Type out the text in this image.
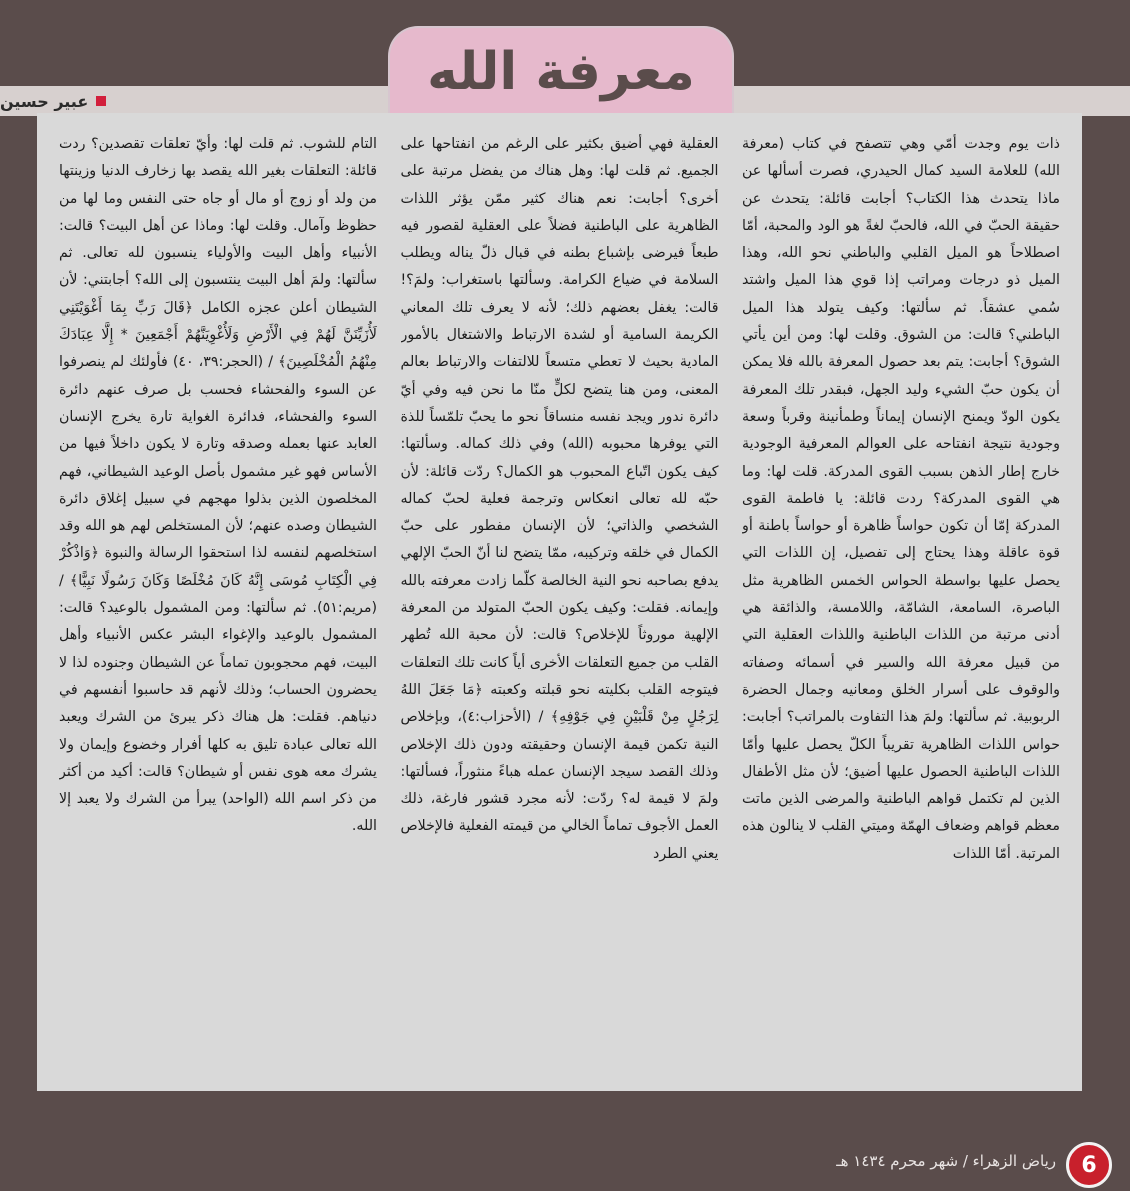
عبير حسين	معرفة الله
ذات يوم وجدت أمّي وهي تتصفح في كتاب (معرفة الله) للعلامة السيد كمال الحيدري، فصرت أسألها عن ماذا يتحدث هذا الكتاب؟ أجابت قائلة: يتحدث عن حقيقة الحبّ في الله، فالحبّ لغةً هو الود والمحبة، أمّا اصطلاحاً هو الميل القلبي والباطني نحو الله، وهذا الميل ذو درجات ومراتب إذا قوي هذا الميل واشتد سُمي عشقاً. ثم سألتها: وكيف يتولد هذا الميل الباطني؟ قالت: من الشوق. وقلت لها: ومن أين يأتي الشوق؟ أجابت: يتم بعد حصول المعرفة بالله فلا يمكن أن يكون حبّ الشيء وليد الجهل، فبقدر تلك المعرفة يكون الودّ ويمنح الإنسان إيماناً وطمأنينة وقرباً وسعة وجودية نتيجة انفتاحه على العوالم المعرفية الوجودية خارج إطار الذهن بسبب القوى المدركة. قلت لها: وما هي القوى المدركة؟ ردت قائلة: يا فاطمة القوى المدركة إمّا أن تكون حواساً ظاهرة أو حواساً باطنة أو قوة عاقلة وهذا يحتاج إلى تفصيل، إن اللذات التي يحصل عليها بواسطة الحواس الخمس الظاهرية مثل الباصرة، السامعة، الشامّة، واللامسة، والذائقة هي أدنى مرتبة من اللذات الباطنية واللذات العقلية التي من قبيل معرفة الله والسير في أسمائه وصفاته والوقوف على أسرار الخلق ومعانيه وجمال الحضرة الربوبية. ثم سألتها: ولمَ هذا التفاوت بالمراتب؟ أجابت: حواس اللذات الظاهرية تقريباً الكلّ يحصل عليها وأمّا اللذات الباطنية الحصول عليها أضيق؛ لأن مثل الأطفال الذين لم تكتمل قواهم الباطنية والمرضى الذين ماتت معظم قواهم وضعاف الهمّة وميتي القلب لا ينالون هذه المرتبة. أمّا اللذات
العقلية فهي أضيق بكثير على الرغم من انفتاحها على الجميع. ثم قلت لها: وهل هناك من يفضل مرتبة على أخرى؟ أجابت: نعم هناك كثير ممّن يؤثر اللذات الظاهرية على الباطنية فضلاً على العقلية لقصور فيه طبعاً فيرضى بإشباع بطنه في قبال ذلّ يناله ويطلب السلامة في ضياع الكرامة. وسألتها باستغراب: ولمَ؟! قالت: يغفل بعضهم ذلك؛ لأنه لا يعرف تلك المعاني الكريمة السامية أو لشدة الارتباط والاشتغال بالأمور المادية بحيث لا تعطي متسعاً للالتفات والارتباط بعالم المعنى، ومن هنا يتضح لكلٍّ منّا ما نحن فيه وفي أيّ دائرة ندور ويجد نفسه منساقاً نحو ما يحبّ تلمّساً للذة التي يوفرها محبوبه (الله) وفي ذلك كماله. وسألتها: كيف يكون اتّباع المحبوب هو الكمال؟ ردّت قائلة: لأن حبّه لله تعالى انعكاس وترجمة فعلية لحبّ كماله الشخصي والذاتي؛ لأن الإنسان مفطور على حبّ الكمال في خلقه وتركيبه، ممّا يتضح لنا أنّ الحبّ الإلهي يدفع بصاحبه نحو النية الخالصة كلّما زادت معرفته بالله وإيمانه. فقلت: وكيف يكون الحبّ المتولد من المعرفة الإلهية موروثاً للإخلاص؟ قالت: لأن محبة الله تُطهر القلب من جميع التعلقات الأخرى أياً كانت تلك التعلقات فيتوجه القلب بكليته نحو قبلته وكعبته ﴿مَا جَعَلَ اللهُ لِرَجُلٍ مِنْ قَلْبَيْنِ فِي جَوْفِهِ﴾ / (الأحزاب:٤)، وبإخلاص النية تكمن قيمة الإنسان وحقيقته ودون ذلك الإخلاص وذلك القصد سيجد الإنسان عمله هباءً منثوراً، فسألتها: ولمَ لا قيمة له؟ ردّت: لأنه مجرد قشور فارغة، ذلك العمل الأجوف تماماً الخالي من قيمته الفعلية فالإخلاص يعني الطرد
التام للشوب. ثم قلت لها: وأيّ تعلقات تقصدين؟ ردت قائلة: التعلقات بغير الله يقصد بها زخارف الدنيا وزينتها من ولد أو زوج أو مال أو جاه حتى النفس وما لها من حظوظ وآمال. وقلت لها: وماذا عن أهل البيت؟ قالت: الأنبياء وأهل البيت والأولياء ينسبون لله تعالى. ثم سألتها: ولمَ أهل البيت ينتسبون إلى الله؟ أجابتني: لأن الشيطان أعلن عجزه الكامل ﴿قَالَ رَبِّ بِمَا أَغْوَيْتَنِي لَأُزَيِّنَنَّ لَهُمْ فِي الْأَرْضِ وَلَأُغْوِيَنَّهُمْ أَجْمَعِينَ * إِلَّا عِبَادَكَ مِنْهُمُ الْمُخْلَصِينَ﴾ / (الحجر:٣٩، ٤٠) فأولئك لم ينصرفوا عن السوء والفحشاء فحسب بل صرف عنهم دائرة السوء والفحشاء، فدائرة الغواية تارة يخرج الإنسان العابد عنها بعمله وصدقه وتارة لا يكون داخلاً فيها من الأساس فهو غير مشمول بأصل الوعيد الشيطاني، فهم المخلصون الذين بذلوا مهجهم في سبيل إغلاق دائرة الشيطان وصده عنهم؛ لأن المستخلص لهم هو الله وقد استخلصهم لنفسه لذا استحقوا الرسالة والنبوة ﴿وَاذْكُرْ فِي الْكِتَابِ مُوسَى إِنَّهُ كَانَ مُخْلَصًا وَكَانَ رَسُولًا نَبِيًّا﴾ / (مريم:٥١). ثم سألتها: ومن المشمول بالوعيد؟ قالت: المشمول بالوعيد والإغواء البشر عكس الأنبياء وأهل البيت، فهم محجوبون تماماً عن الشيطان وجنوده لذا لا يحضرون الحساب؛ وذلك لأنهم قد حاسبوا أنفسهم في دنياهم. فقلت: هل هناك ذكر يبرئ من الشرك ويعبد الله تعالى عبادة تليق به كلها أفرار وخضوع وإيمان ولا يشرك معه هوى نفس أو شيطان؟ قالت: أكيد من أكثر من ذكر اسم الله (الواحد) يبرأ من الشرك ولا يعبد إلا الله.
رياض الزهراء / شهر محرم ١٤٣٤ هـ 6
